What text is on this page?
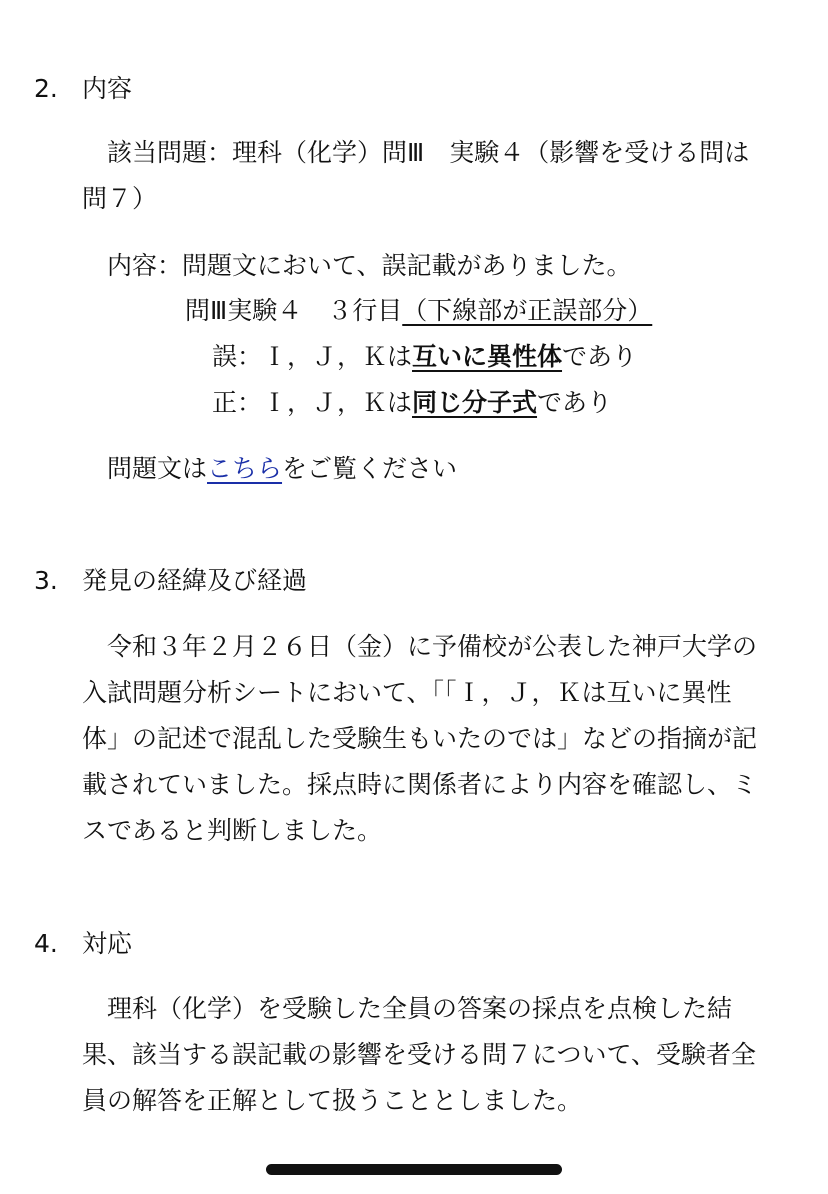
2. 内容

該当問題：理科（化学）問Ⅲ　実験４（影響を受ける問は
問７）

内容：問題文において、誤記載がありました。

問Ⅲ実験４　３行目（下線部が正誤部分）

誤：Ｉ，Ｊ，Ｋは互いに異性体であり

正：Ｉ，Ｊ，Ｋは同じ分子式であり

問題文はこちらをご覧ください

3. 発見の経緯及び経過

令和３年２月２６日（金）に予備校が公表した神戸大学の
入試問題分析シートにおいて、「「Ｉ，Ｊ，Ｋは互いに異性
体」の記述で混乱した受験生もいたのでは」などの指摘が記
載されていました。採点時に関係者により内容を確認し、ミ
スであると判断しました。

4. 対応

理科（化学）を受験した全員の答案の採点を点検した結
果、該当する誤記載の影響を受ける問７について、受験者全
員の解答を正解として扱うこととしました。
